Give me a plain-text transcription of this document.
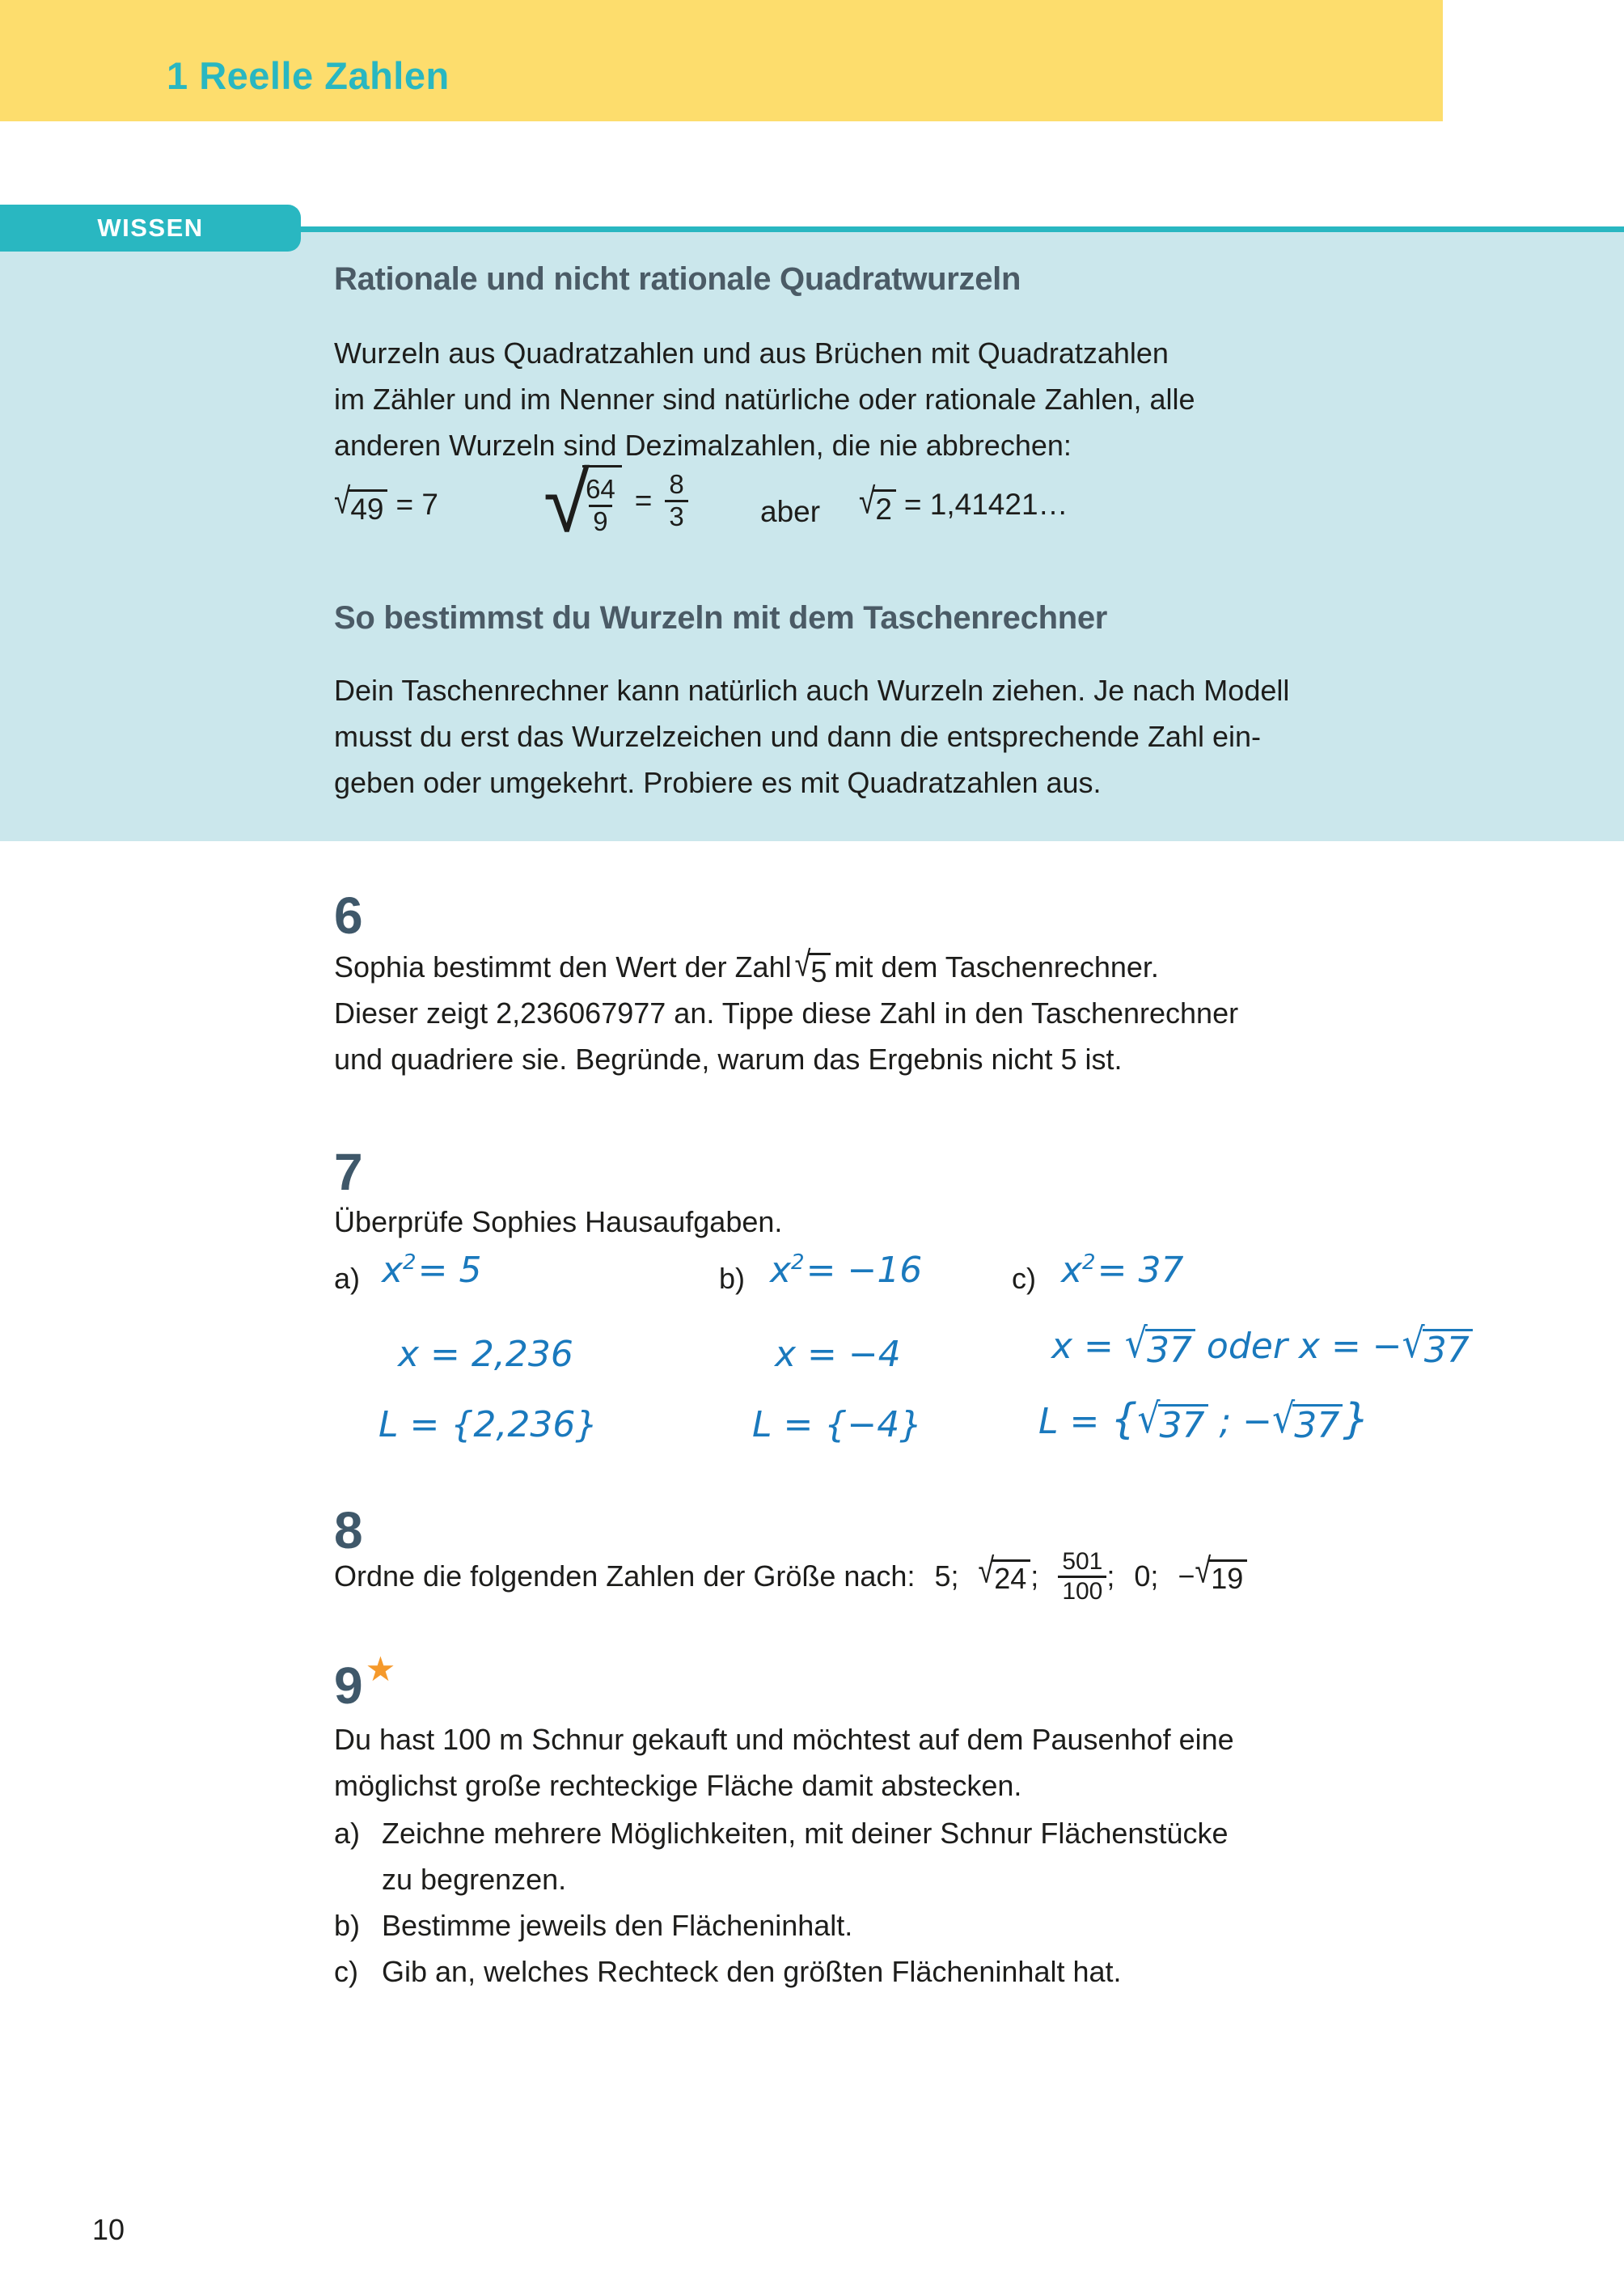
1 Reelle Zahlen
WISSEN
Rationale und nicht rationale Quadratwurzeln
Wurzeln aus Quadratzahlen und aus Brüchen mit Quadratzahlen
im Zähler und im Nenner sind natürliche oder rationale Zahlen, alle
anderen Wurzeln sind Dezimalzahlen, die nie abbrechen:
√ 49 = 7 √
$\frac{64}{9} = \frac{8}{3}$ aber √ 2 = 1,41421…
So bestimmst du Wurzeln mit dem Taschenrechner
Dein Taschenrechner kann natürlich auch Wurzeln ziehen. Je nach Modell
musst du erst das Wurzelzeichen und dann die entsprechende Zahl ein-
geben oder umgekehrt. Probiere es mit Quadratzahlen aus.
6
Sophia bestimmt den Wert der Zahl √ 5 mit dem Taschenrechner.
Dieser zeigt 2,236067977 an. Tippe diese Zahl in den Taschenrechner
und quadriere sie. Begründe, warum das Ergebnis nicht 5 ist.
7
Überprüfe Sophies Hausaufgaben.
a) $x^2= 5$	b) $x^2= -16$	c) $x^2= 37$
x = 2,236	x = −4	x = √ 37 oder x = − √ 37
L = {2,236}	L = {−4}	L = { √ 37 ; − √ 37 }
8
Ordne die folgenden Zahlen der Größe nach: 5; √ 24 ; $\frac{501}{100}$ ; 0; − √ 19
9★
Du hast 100 m Schnur gekauft und möchtest auf dem Pausenhof eine
möglichst große rechteckige Fläche damit abstecken.
a) Zeichne mehrere Möglichkeiten, mit deiner Schnur Flächenstücke
zu begrenzen.
b) Bestimme jeweils den Flächeninhalt.
c) Gib an, welches Rechteck den größten Flächeninhalt hat.
10
